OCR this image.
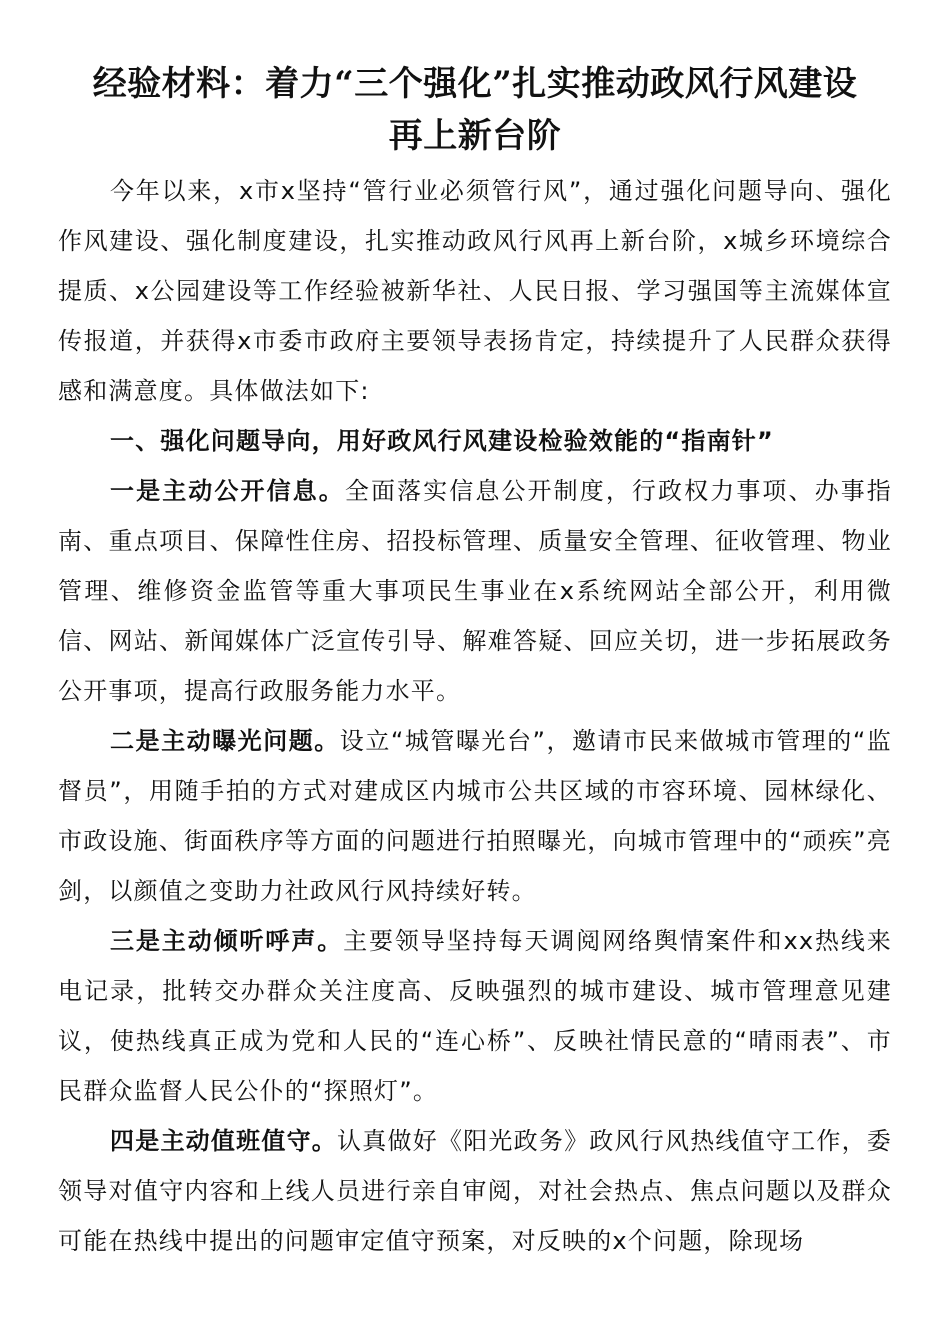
经验材料：着力“三个强化”扎实推动政风行风建设
再上新台阶

今年以来，x市x坚持“管行业必须管行风”，通过强化问题导向、强化作风建设、强化制度建设，扎实推动政风行风再上新台阶，x城乡环境综合提质、x公园建设等工作经验被新华社、人民日报、学习强国等主流媒体宣传报道，并获得x市委市政府主要领导表扬肯定，持续提升了人民群众获得感和满意度。具体做法如下:

一、强化问题导向，用好政风行风建设检验效能的“指南针”

一是主动公开信息。全面落实信息公开制度，行政权力事项、办事指南、重点项目、保障性住房、招投标管理、质量安全管理、征收管理、物业管理、维修资金监管等重大事项民生事业在x系统网站全部公开，利用微信、网站、新闻媒体广泛宣传引导、解难答疑、回应关切，进一步拓展政务公开事项，提高行政服务能力水平。

二是主动曝光问题。设立“城管曝光台”，邀请市民来做城市管理的“监督员”，用随手拍的方式对建成区内城市公共区域的市容环境、园林绿化、市政设施、街面秩序等方面的问题进行拍照曝光，向城市管理中的“顽疾”亮剑，以颜值之变助力社政风行风持续好转。

三是主动倾听呼声。主要领导坚持每天调阅网络舆情案件和xx热线来电记录，批转交办群众关注度高、反映强烈的城市建设、城市管理意见建议，使热线真正成为党和人民的“连心桥”、反映社情民意的“晴雨表”、市民群众监督人民公仆的“探照灯”。

四是主动值班值守。认真做好《阳光政务》政风行风热线值守工作，委领导对值守内容和上线人员进行亲自审阅，对社会热点、焦点问题以及群众可能在热线中提出的问题审定值守预案，对反映的x个问题，除现场
